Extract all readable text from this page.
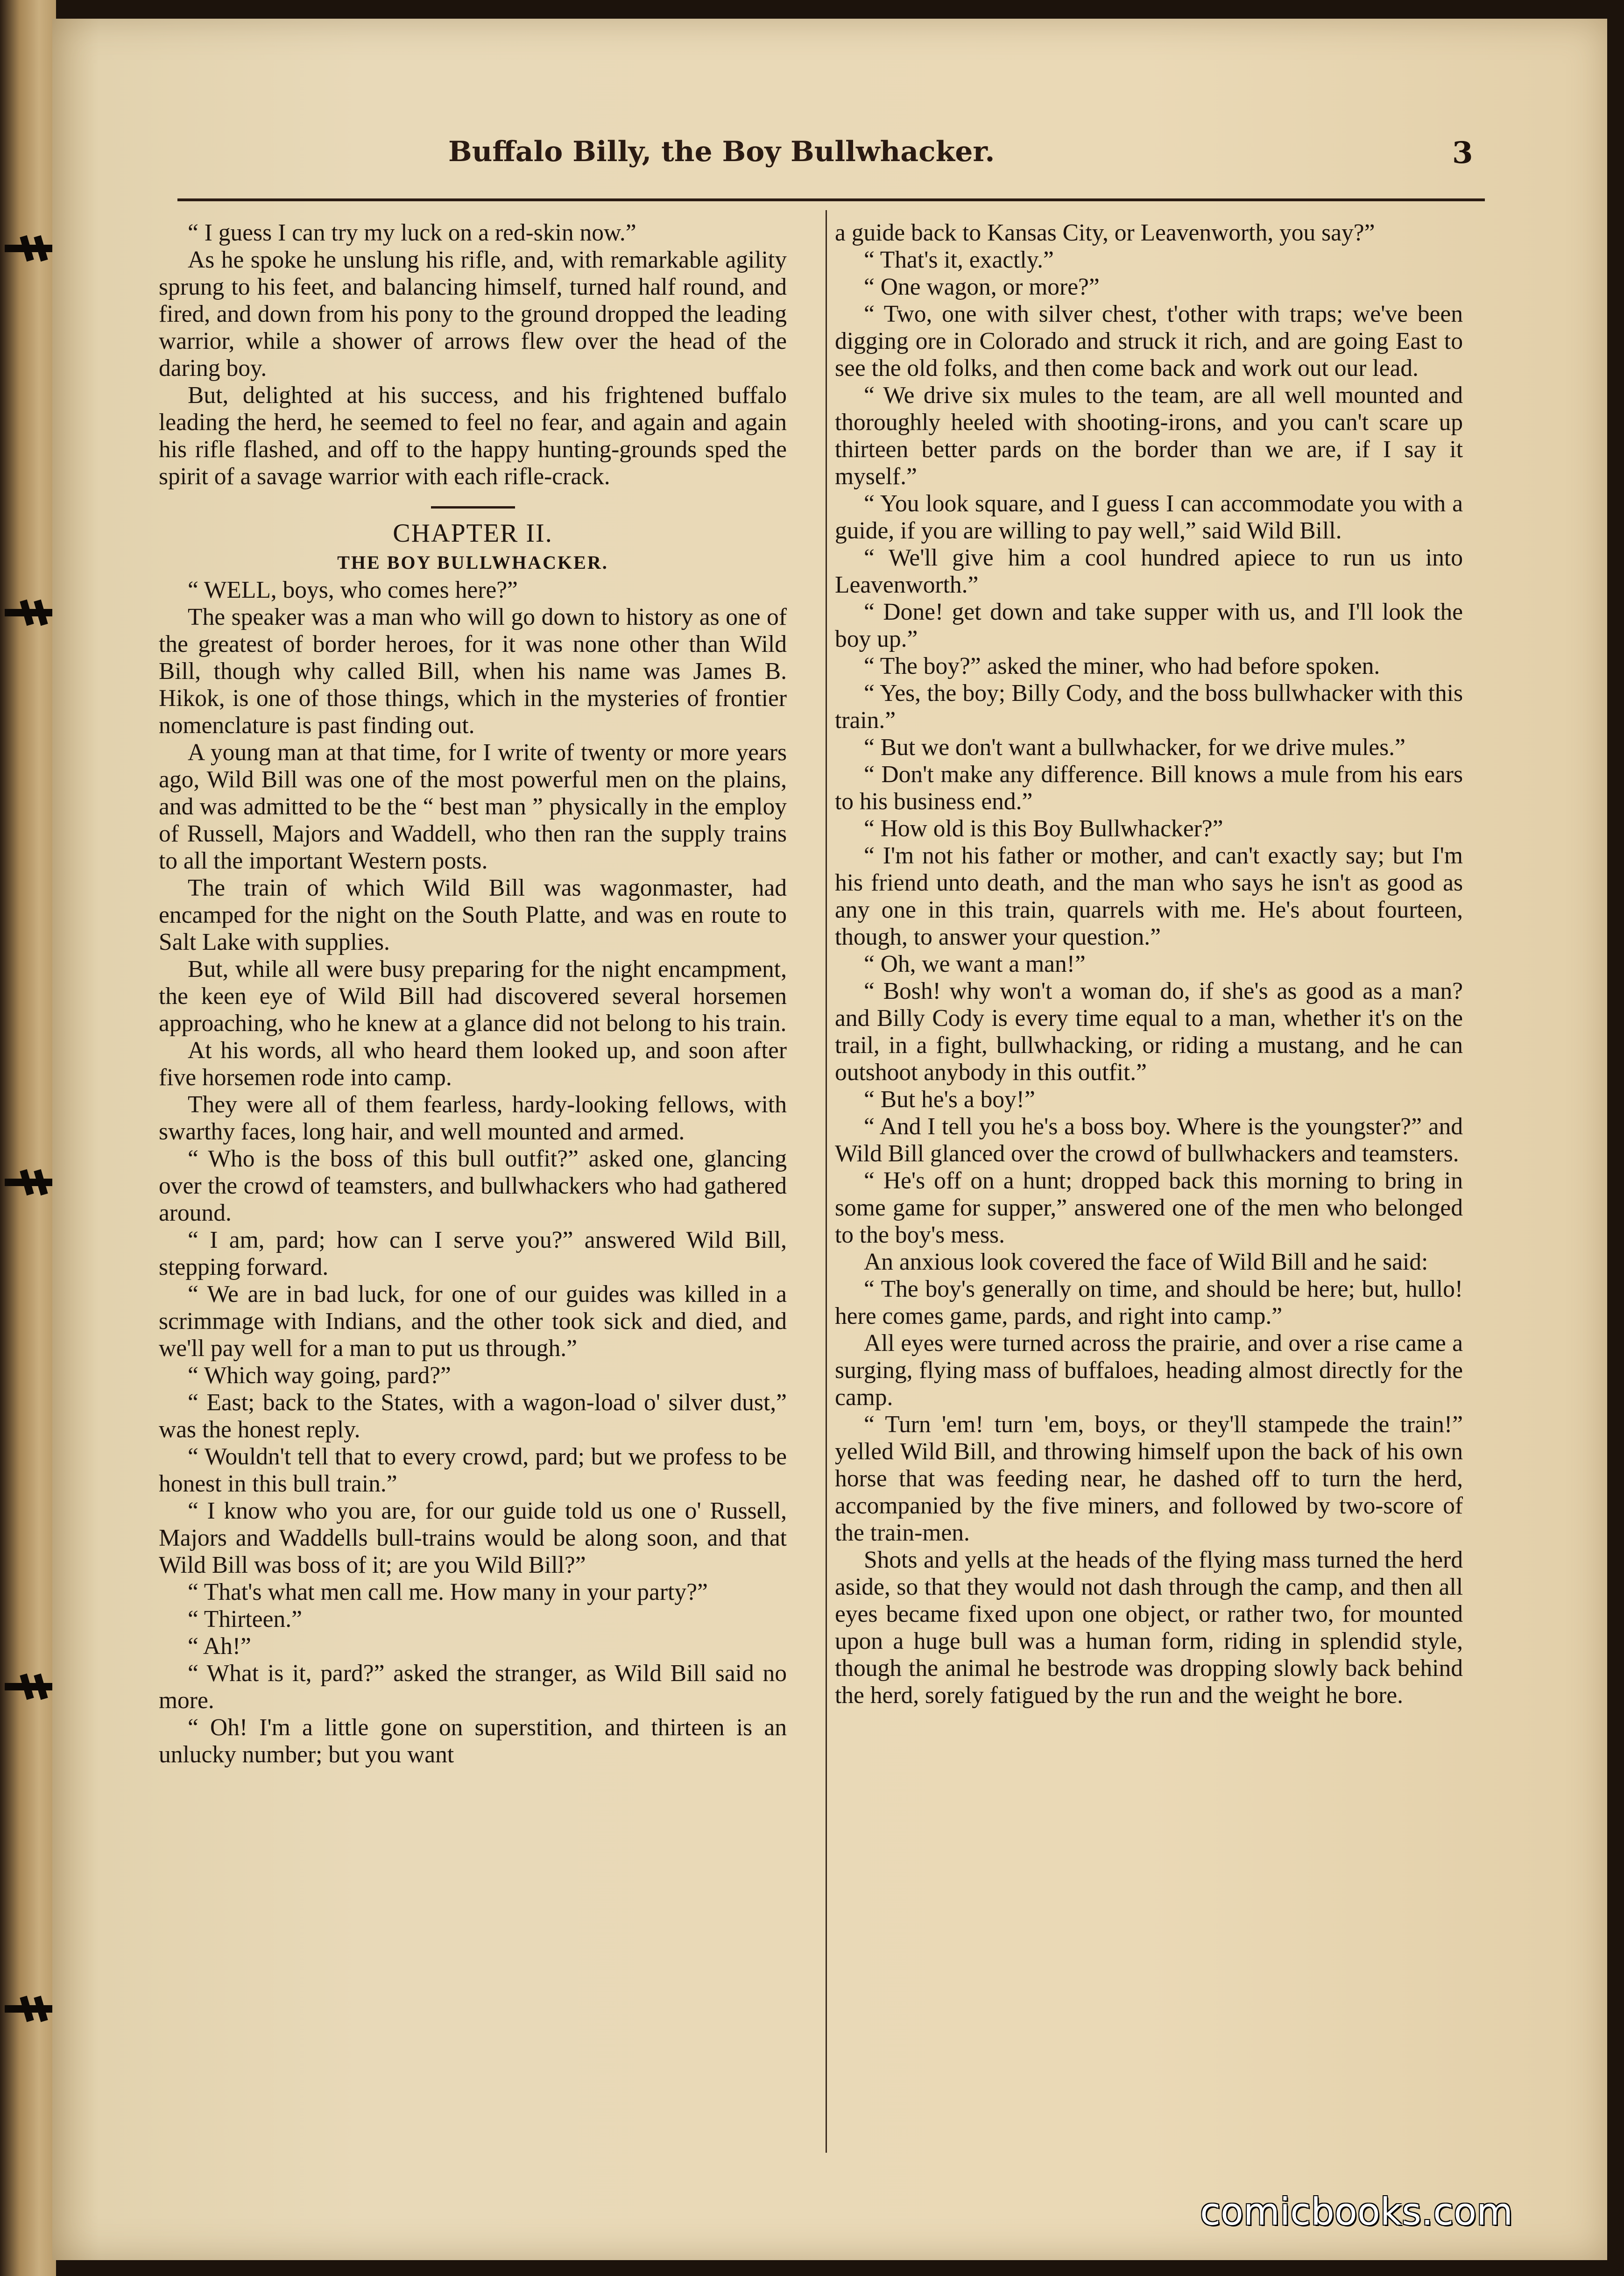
Buffalo Billy, the Boy Bullwhacker.	3

“ I guess I can try my luck on a red-skin now.”

As he spoke he unslung his rifle, and, with remarkable agility sprung to his feet, and balancing himself, turned half round, and fired, and down from his pony to the ground dropped the leading warrior, while a shower of arrows flew over the head of the daring boy.

But, delighted at his success, and his frightened buffalo leading the herd, he seemed to feel no fear, and again and again his rifle flashed, and off to the happy hunting-grounds sped the spirit of a savage warrior with each rifle-crack.

CHAPTER II.

THE BOY BULLWHACKER.

“ WELL, boys, who comes here?”

The speaker was a man who will go down to history as one of the greatest of border heroes, for it was none other than Wild Bill, though why called Bill, when his name was James B. Hikok, is one of those things, which in the mysteries of frontier nomenclature is past finding out.

A young man at that time, for I write of twenty or more years ago, Wild Bill was one of the most powerful men on the plains, and was admitted to be the “ best man ” physically in the employ of Russell, Majors and Waddell, who then ran the supply trains to all the important Western posts.

The train of which Wild Bill was wagonmaster, had encamped for the night on the South Platte, and was en route to Salt Lake with supplies.

But, while all were busy preparing for the night encampment, the keen eye of Wild Bill had discovered several horsemen approaching, who he knew at a glance did not belong to his train.

At his words, all who heard them looked up, and soon after five horsemen rode into camp.

They were all of them fearless, hardy-looking fellows, with swarthy faces, long hair, and well mounted and armed.

“ Who is the boss of this bull outfit?” asked one, glancing over the crowd of teamsters, and bullwhackers who had gathered around.

“ I am, pard; how can I serve you?” answered Wild Bill, stepping forward.

“ We are in bad luck, for one of our guides was killed in a scrimmage with Indians, and the other took sick and died, and we'll pay well for a man to put us through.”

“ Which way going, pard?”

“ East; back to the States, with a wagon-load o' silver dust,” was the honest reply.

“ Wouldn't tell that to every crowd, pard; but we profess to be honest in this bull train.”

“ I know who you are, for our guide told us one o' Russell, Majors and Waddells bull-trains would be along soon, and that Wild Bill was boss of it; are you Wild Bill?”

“ That's what men call me. How many in your party?”

“ Thirteen.”

“ Ah!”

“ What is it, pard?” asked the stranger, as Wild Bill said no more.

“ Oh! I'm a little gone on superstition, and thirteen is an unlucky number; but you want

a guide back to Kansas City, or Leavenworth, you say?”

“ That's it, exactly.”

“ One wagon, or more?”

“ Two, one with silver chest, t'other with traps; we've been digging ore in Colorado and struck it rich, and are going East to see the old folks, and then come back and work out our lead.

“ We drive six mules to the team, are all well mounted and thoroughly heeled with shooting-irons, and you can't scare up thirteen better pards on the border than we are, if I say it myself.”

“ You look square, and I guess I can accommodate you with a guide, if you are willing to pay well,” said Wild Bill.

“ We'll give him a cool hundred apiece to run us into Leavenworth.”

“ Done! get down and take supper with us, and I'll look the boy up.”

“ The boy?” asked the miner, who had before spoken.

“ Yes, the boy; Billy Cody, and the boss bullwhacker with this train.”

“ But we don't want a bullwhacker, for we drive mules.”

“ Don't make any difference. Bill knows a mule from his ears to his business end.”

“ How old is this Boy Bullwhacker?”

“ I'm not his father or mother, and can't exactly say; but I'm his friend unto death, and the man who says he isn't as good as any one in this train, quarrels with me. He's about fourteen, though, to answer your question.”

“ Oh, we want a man!”

“ Bosh! why won't a woman do, if she's as good as a man? and Billy Cody is every time equal to a man, whether it's on the trail, in a fight, bullwhacking, or riding a mustang, and he can outshoot anybody in this outfit.”

“ But he's a boy!”

“ And I tell you he's a boss boy. Where is the youngster?” and Wild Bill glanced over the crowd of bullwhackers and teamsters.

“ He's off on a hunt; dropped back this morning to bring in some game for supper,” answered one of the men who belonged to the boy's mess.

An anxious look covered the face of Wild Bill and he said:

“ The boy's generally on time, and should be here; but, hullo! here comes game, pards, and right into camp.”

All eyes were turned across the prairie, and over a rise came a surging, flying mass of buffaloes, heading almost directly for the camp.

“ Turn 'em! turn 'em, boys, or they'll stampede the train!” yelled Wild Bill, and throwing himself upon the back of his own horse that was feeding near, he dashed off to turn the herd, accompanied by the five miners, and followed by two-score of the train-men.

Shots and yells at the heads of the flying mass turned the herd aside, so that they would not dash through the camp, and then all eyes became fixed upon one object, or rather two, for mounted upon a huge bull was a human form, riding in splendid style, though the animal he bestrode was dropping slowly back behind the herd, sorely fatigued by the run and the weight he bore.

comicbooks.com
